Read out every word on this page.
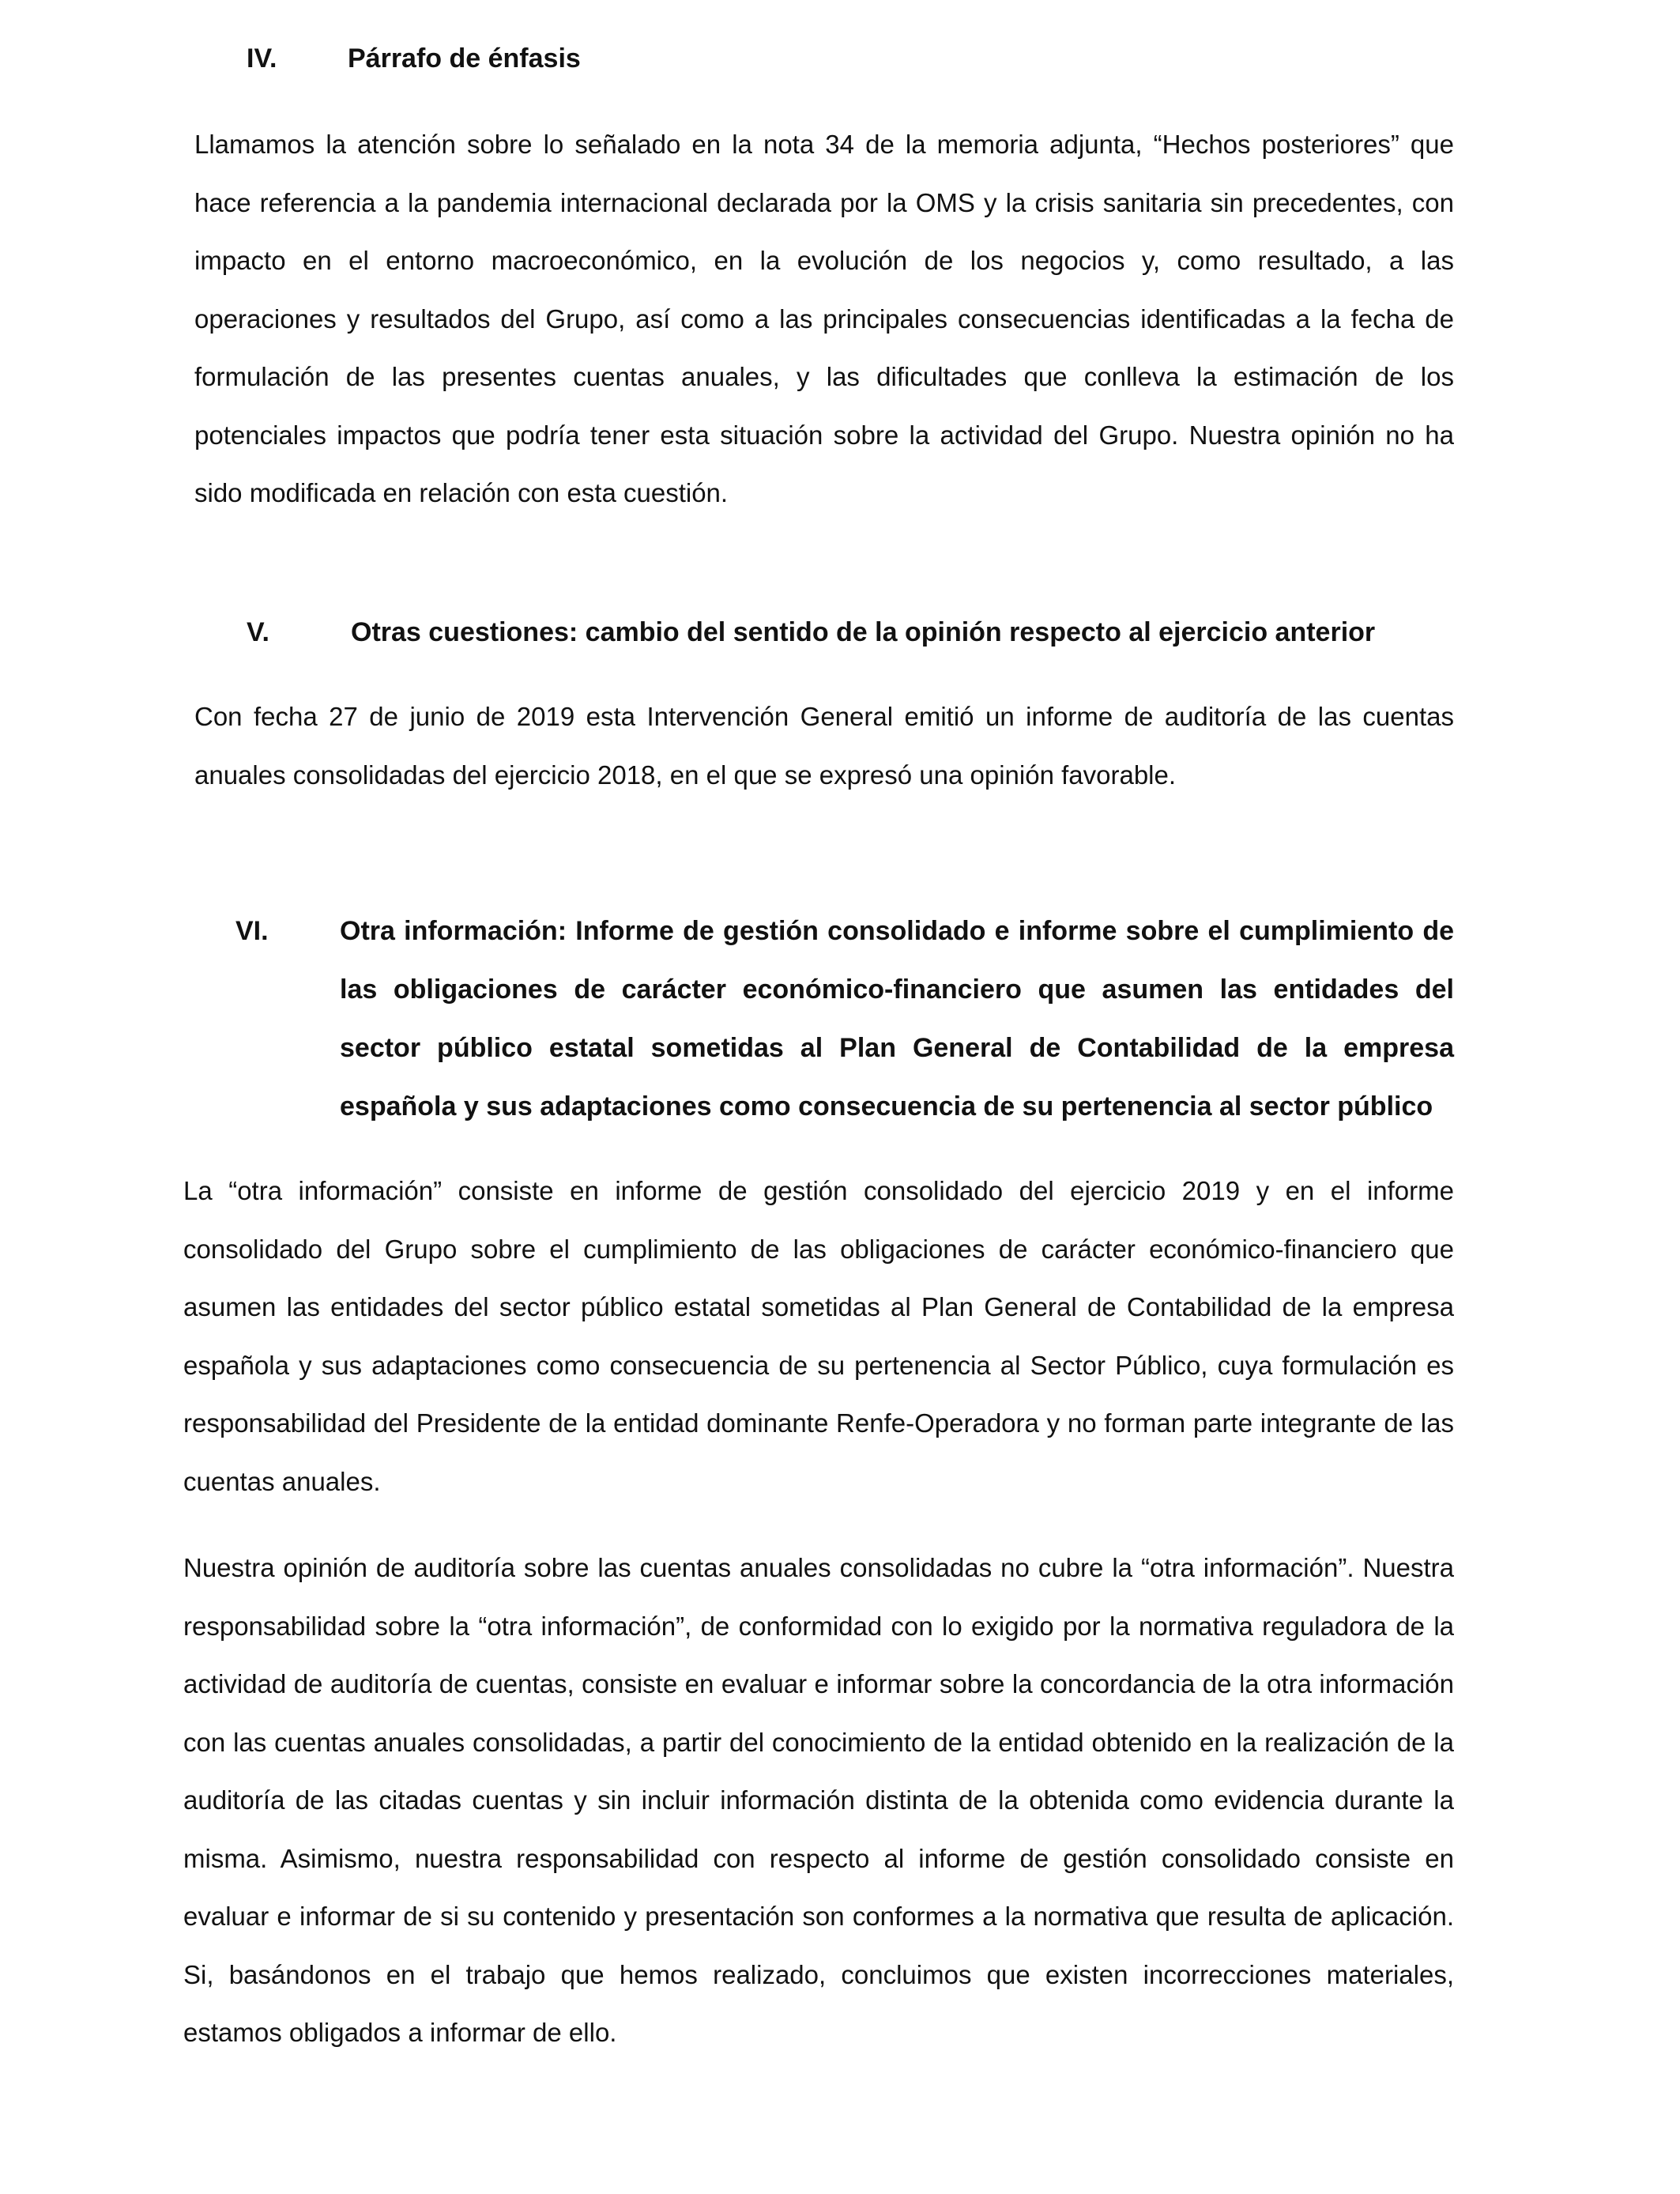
IV.	Párrafo de énfasis

Llamamos la atención sobre lo señalado en la nota 34 de la memoria adjunta, “Hechos posteriores” que hace referencia a la pandemia internacional declarada por la OMS y la crisis sanitaria sin precedentes, con impacto en el entorno macroeconómico, en la evolución de los negocios y, como resultado, a las operaciones y resultados del Grupo, así como a las principales consecuencias identificadas a la fecha de formulación de las presentes cuentas anuales, y las dificultades que conlleva la estimación de los potenciales impactos que podría tener esta situación sobre la actividad del Grupo. Nuestra opinión no ha sido modificada en relación con esta cuestión.

V.	Otras cuestiones: cambio del sentido de la opinión respecto al ejercicio anterior

Con fecha 27 de junio de 2019 esta Intervención General emitió un informe de auditoría de las cuentas anuales consolidadas del ejercicio 2018, en el que se expresó una opinión favorable.

VI.	Otra información: Informe de gestión consolidado e informe sobre el cumplimiento de las obligaciones de carácter económico-financiero que asumen las entidades del sector público estatal sometidas al Plan General de Contabilidad de la empresa española y sus adaptaciones como consecuencia de su pertenencia al sector público

La “otra información” consiste en informe de gestión consolidado del ejercicio 2019 y en el informe consolidado del Grupo sobre el cumplimiento de las obligaciones de carácter económico-financiero que asumen las entidades del sector público estatal sometidas al Plan General de Contabilidad de la empresa española y sus adaptaciones como consecuencia de su pertenencia al Sector Público, cuya formulación es responsabilidad del Presidente de la entidad dominante Renfe-Operadora y no forman parte integrante de las cuentas anuales.

Nuestra opinión de auditoría sobre las cuentas anuales consolidadas no cubre la “otra información”. Nuestra responsabilidad sobre la “otra información”, de conformidad con lo exigido por la normativa reguladora de la actividad de auditoría de cuentas, consiste en evaluar e informar sobre la concordancia de la otra información con las cuentas anuales consolidadas, a partir del conocimiento de la entidad obtenido en la realización de la auditoría de las citadas cuentas y sin incluir información distinta de la obtenida como evidencia durante la misma. Asimismo, nuestra responsabilidad con respecto al informe de gestión consolidado consiste en evaluar e informar de si su contenido y presentación son conformes a la normativa que resulta de aplicación. Si, basándonos en el trabajo que hemos realizado, concluimos que existen incorrecciones materiales, estamos obligados a informar de ello.
